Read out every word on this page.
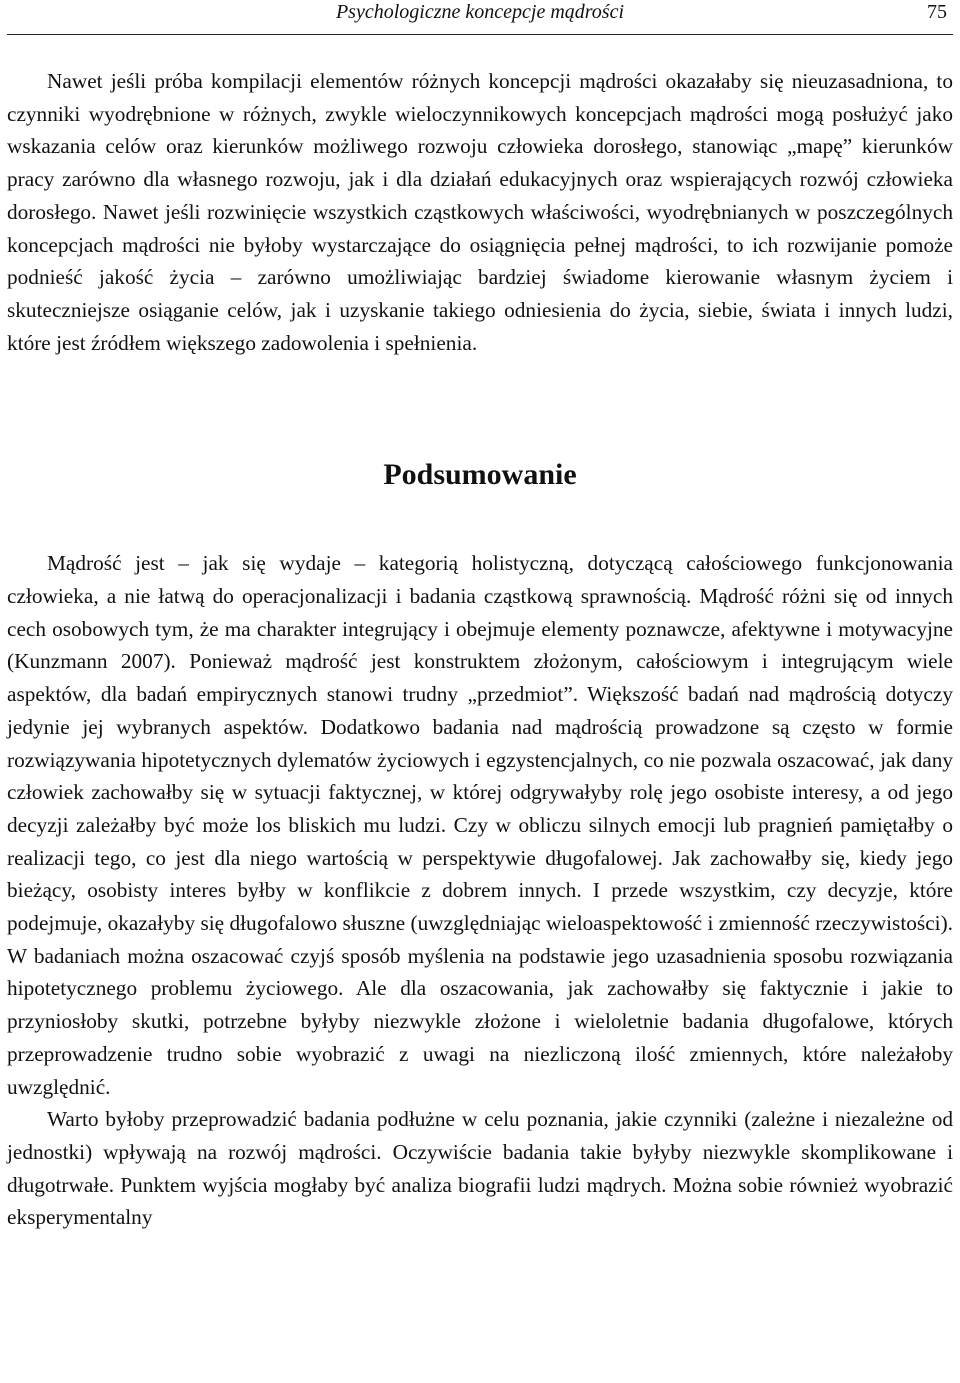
Psychologiczne koncepcje mądrości	75

Nawet jeśli próba kompilacji elementów różnych koncepcji mądrości okazałaby się nieuzasadniona, to czynniki wyodrębnione w różnych, zwykle wieloczynnikowych koncepcjach mądrości mogą posłużyć jako wskazania celów oraz kierunków możliwego rozwoju człowieka dorosłego, stanowiąc „mapę” kierunków pracy zarówno dla własnego rozwoju, jak i dla działań edukacyjnych oraz wspierających rozwój człowieka dorosłego. Nawet jeśli rozwinięcie wszystkich cząstkowych właściwości, wyodrębnianych w poszczególnych koncepcjach mądrości nie byłoby wystarczające do osiągnięcia pełnej mądrości, to ich rozwijanie pomoże podnieść jakość życia – zarówno umożliwiając bardziej świadome kierowanie własnym życiem i skuteczniejsze osiąganie celów, jak i uzyskanie takiego odniesienia do życia, siebie, świata i innych ludzi, które jest źródłem większego zadowolenia i spełnienia.

Podsumowanie

Mądrość jest – jak się wydaje – kategorią holistyczną, dotyczącą całościowego funkcjonowania człowieka, a nie łatwą do operacjonalizacji i badania cząstkową sprawnością. Mądrość różni się od innych cech osobowych tym, że ma charakter integrujący i obejmuje elementy poznawcze, afektywne i motywacyjne (Kunzmann 2007). Ponieważ mądrość jest konstruktem złożonym, całościowym i integrującym wiele aspektów, dla badań empirycznych stanowi trudny „przedmiot”. Większość badań nad mądrością dotyczy jedynie jej wybranych aspektów. Dodatkowo badania nad mądrością prowadzone są często w formie rozwiązywania hipotetycznych dylematów życiowych i egzystencjalnych, co nie pozwala oszacować, jak dany człowiek zachowałby się w sytuacji faktycznej, w której odgrywałyby rolę jego osobiste interesy, a od jego decyzji zależałby być może los bliskich mu ludzi. Czy w obliczu silnych emocji lub pragnień pamiętałby o realizacji tego, co jest dla niego wartością w perspektywie długofalowej. Jak zachowałby się, kiedy jego bieżący, osobisty interes byłby w konflikcie z dobrem innych. I przede wszystkim, czy decyzje, które podejmuje, okazałyby się długofalowo słuszne (uwzględniając wieloaspektowość i zmienność rzeczywistości). W badaniach można oszacować czyjś sposób myślenia na podstawie jego uzasadnienia sposobu rozwiązania hipotetycznego problemu życiowego. Ale dla oszacowania, jak zachowałby się faktycznie i jakie to przyniosłoby skutki, potrzebne byłyby niezwykle złożone i wieloletnie badania długofalowe, których przeprowadzenie trudno sobie wyobrazić z uwagi na niezliczoną ilość zmiennych, które należałoby uwzględnić.

Warto byłoby przeprowadzić badania podłużne w celu poznania, jakie czynniki (zależne i niezależne od jednostki) wpływają na rozwój mądrości. Oczywiście badania takie byłyby niezwykle skomplikowane i długotrwałe. Punktem wyjścia mogłaby być analiza biografii ludzi mądrych. Można sobie również wyobrazić eksperymentalny
